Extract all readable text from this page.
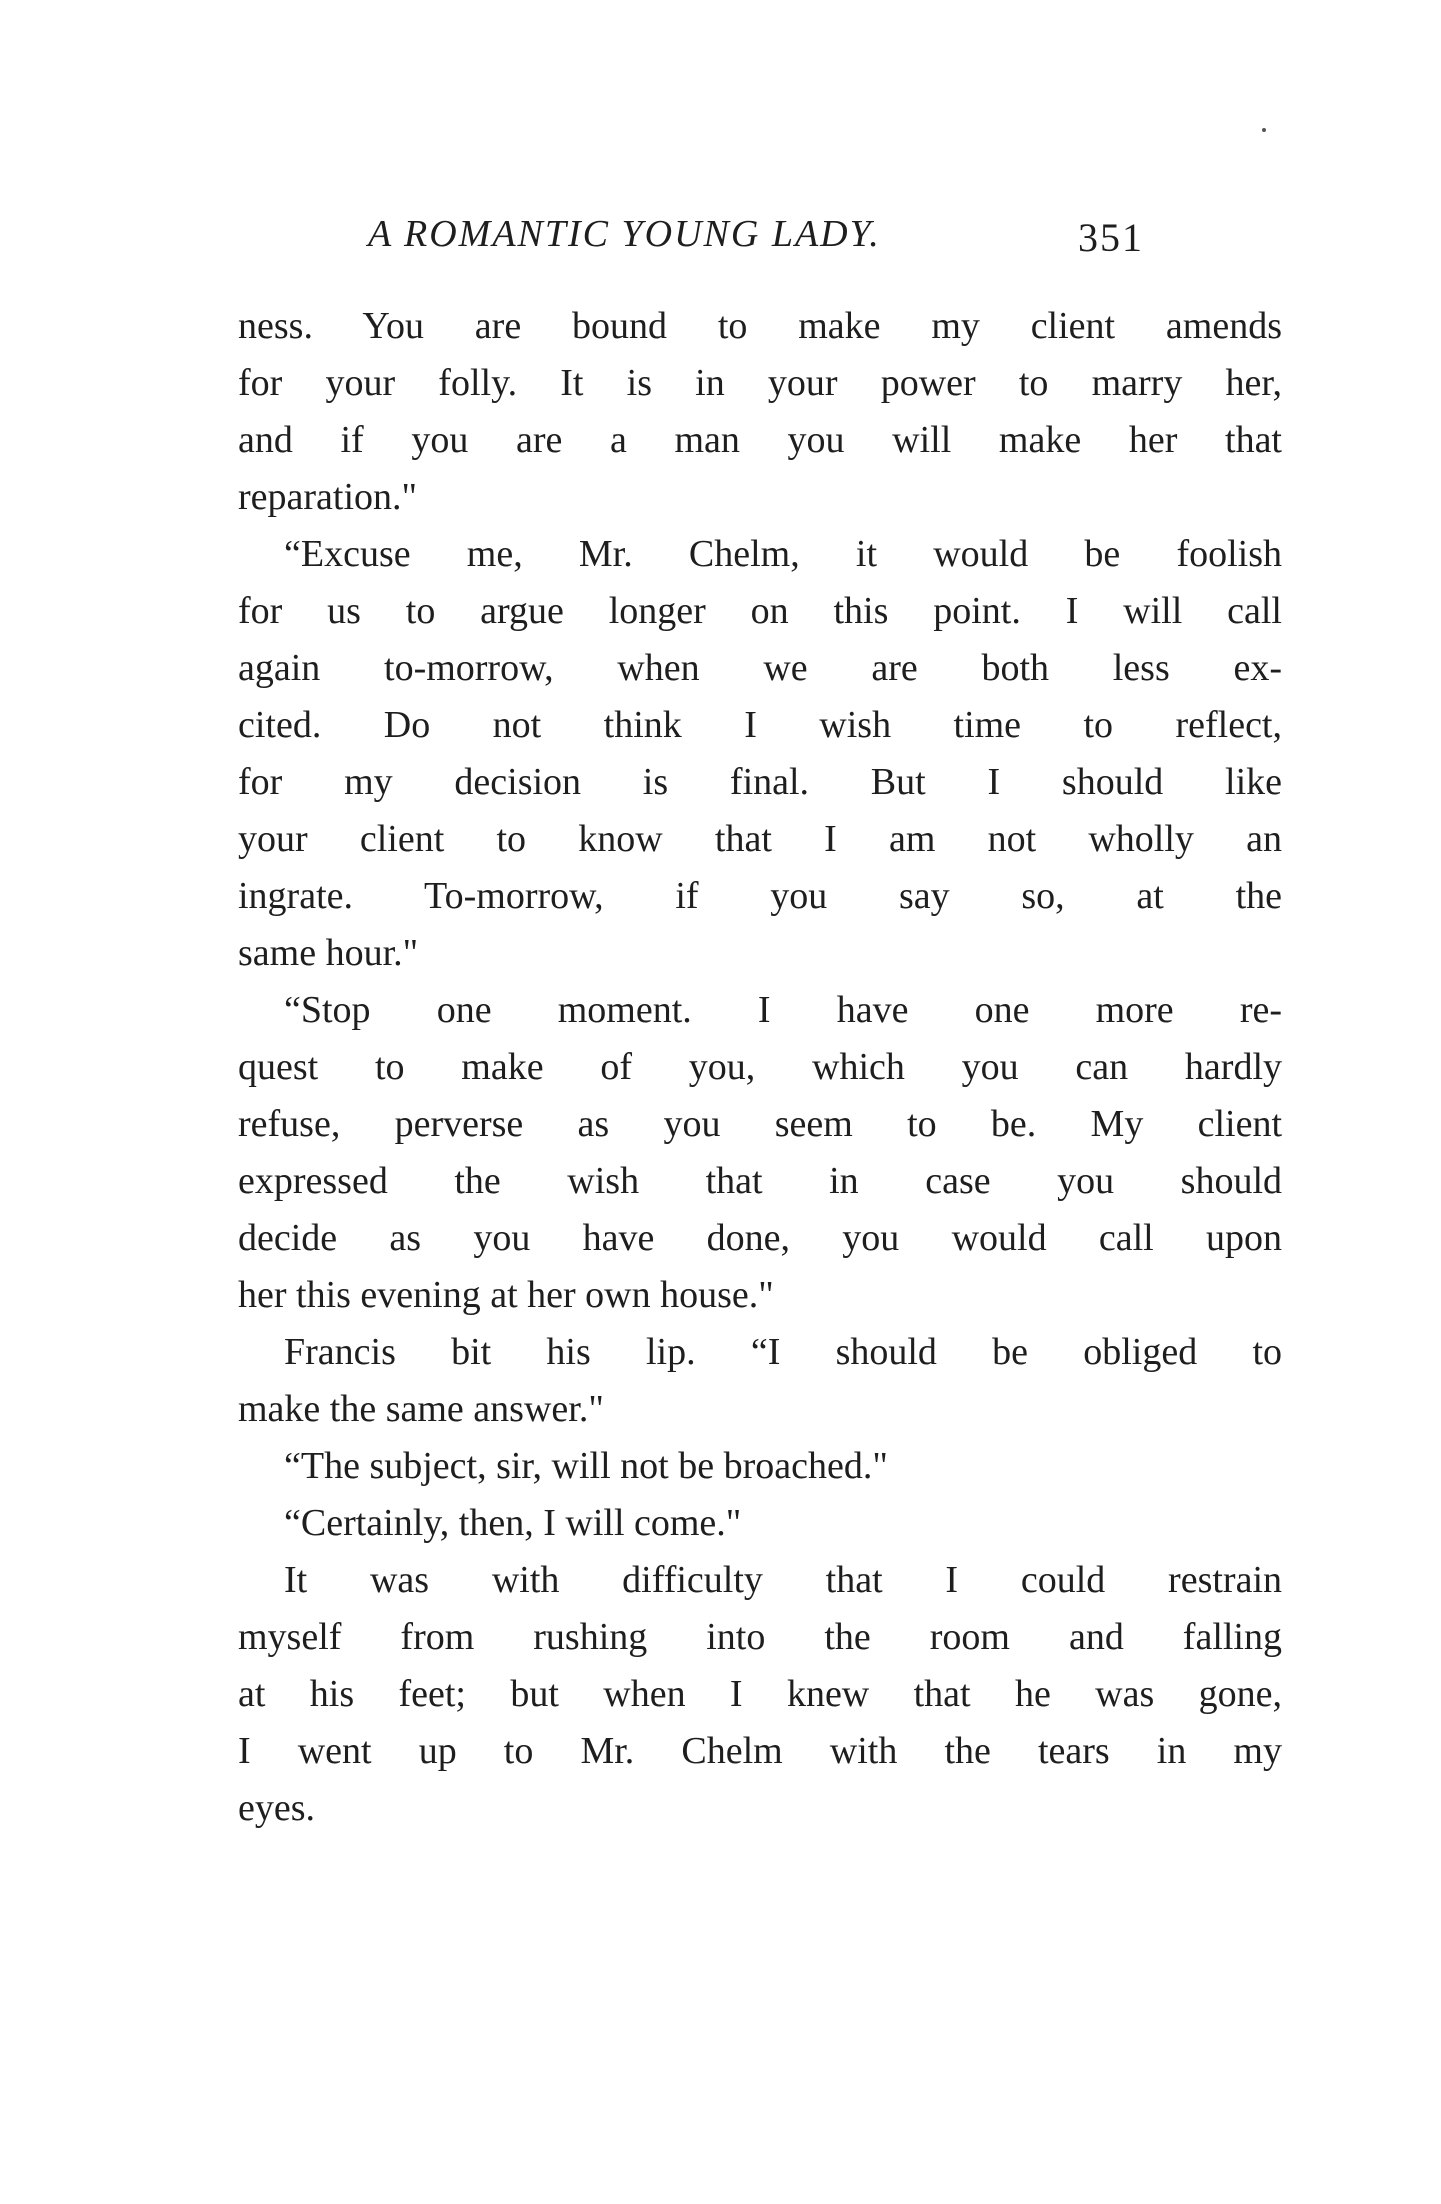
A ROMANTIC YOUNG LADY.	351
ness. You are bound to make my client amends
for your folly. It is in your power to marry her,
and if you are a man you will make her that
reparation."
“Excuse me, Mr. Chelm, it would be foolish
for us to argue longer on this point. I will call
again to-morrow, when we are both less ex-
cited. Do not think I wish time to reflect,
for my decision is final. But I should like
your client to know that I am not wholly an
ingrate. To-morrow, if you say so, at the
same hour."
“Stop one moment. I have one more re-
quest to make of you, which you can hardly
refuse, perverse as you seem to be. My client
expressed the wish that in case you should
decide as you have done, you would call upon
her this evening at her own house."
Francis bit his lip. “I should be obliged to
make the same answer."
“The subject, sir, will not be broached."
“Certainly, then, I will come."
It was with difficulty that I could restrain
myself from rushing into the room and falling
at his feet; but when I knew that he was gone,
I went up to Mr. Chelm with the tears in my
eyes.
